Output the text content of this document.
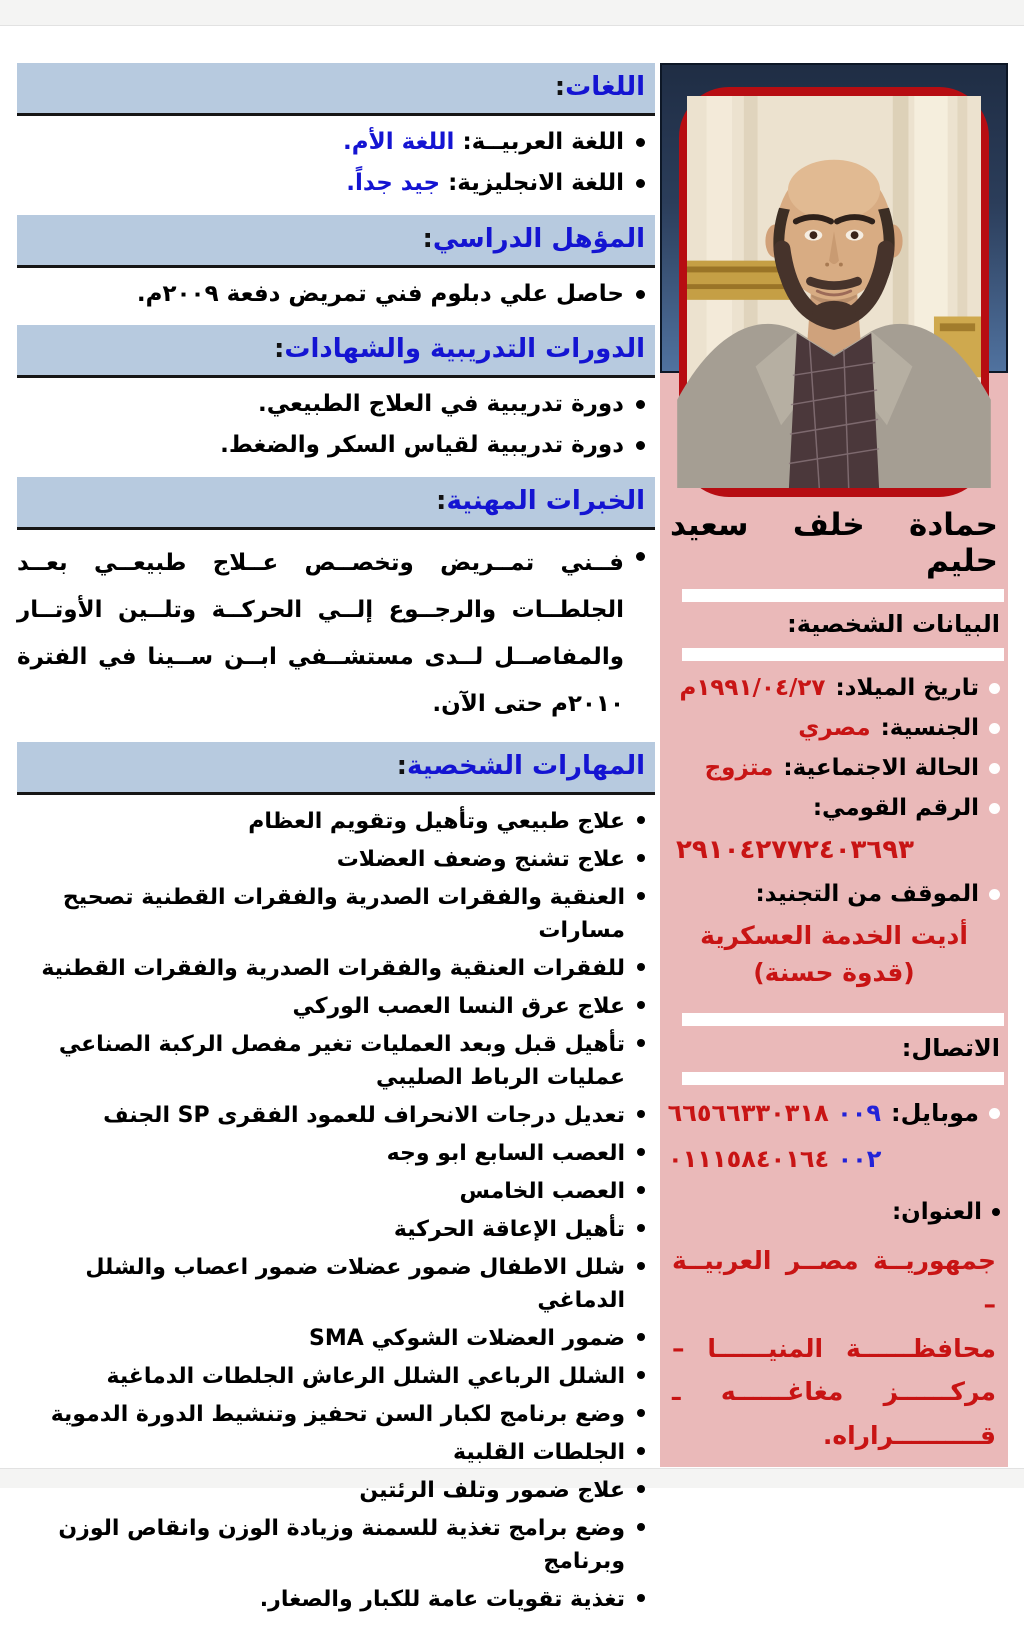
اللغات:
اللغة العربيــة: اللغة الأم.
اللغة الانجليزية: جيد جداً.
المؤهل الدراسي:
حاصل علي دبلوم فني تمريض دفعة ٢٠٠٩م.
الدورات التدريبية والشهادات:
دورة تدريبية في العلاج الطبيعي.
دورة تدريبية لقياس السكر والضغط.
الخبرات المهنية:
فــني تمــريض وتخصــص عــلاج طبيعــي بعــد الجلطــات والرجــوع إلــي الحركــة وتلــين الأوتــار والمفاصــل لــدى مستشــفي ابــن ســينا في الفترة ٢٠١٠م حتى الآن.
المهارات الشخصية:
علاج طبيعي وتأهيل وتقويم العظام
علاج تشنج وضعف العضلات
العنقية والفقرات الصدرية والفقرات القطنية تصحيح مسارات
للفقرات العنقية والفقرات الصدرية والفقرات القطنية
علاج عرق النسا العصب الوركي
تأهيل قبل وبعد العمليات تغير مفصل الركبة الصناعي عمليات الرباط الصليبي
تعديل درجات الانحراف للعمود الفقرى SP الجنف
العصب السابع ابو وجه
العصب الخامس
تأهيل الإعاقة الحركية
شلل الاطفال ضمور عضلات ضمور اعصاب والشلل الدماغي
ضمور العضلات الشوكي SMA
الشلل الرباعي الشلل الرعاش الجلطات الدماغية
وضع برنامج لكبار السن تحفيز وتنشيط الدورة الدموية
الجلطات القلبية
علاج ضمور وتلف الرئتين
وضع برامج تغذية للسمنة وزيادة الوزن وانقاص الوزن وبرنامج
تغذية تقويات عامة للكبار والصغار.
حمادة خلف سعيد حليم
البيانات الشخصية:
تاريخ الميلاد:
١٩٩١/٠٤/٢٧م
الجنسية:
مصري
الحالة الاجتماعية:
متزوج
الرقم القومي:
٢٩١٠٤٢٧٧٢٤٠٣٦٩٣
الموقف من التجنيد:
أديت الخدمة العسكرية
(قدوة حسنة)
الاتصال:
موبايل:
٠٠٩ ٦٦٥٦٦٣٣٠٣١٨
٠٠٢ ٠١١١٥٨٤٠١٦٤
العنوان:
جمهوريــة مصــر العربيــة –
محافظــــــة المنيــــــا –
مركــــــز مغاغــــــه ـ
قــــــــــراراه.
